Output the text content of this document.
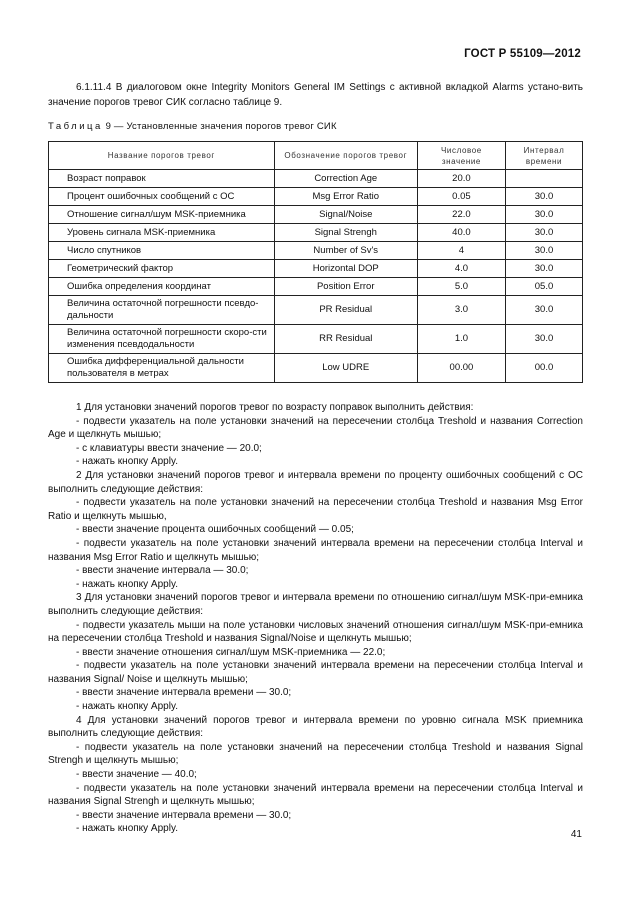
ГОСТ Р 55109—2012

6.1.11.4 В диалоговом окне Integrity Monitors General IM Settings с активной вкладкой Alarms устано-вить значение порогов тревог СИК согласно таблице 9.

Таблица 9 — Установленные значения порогов тревог СИК
Название порогов тревог	Обозначение порогов тревог	Числовое значение	Интервал времени
Возраст поправок	Correction Age	20.0	
Процент ошибочных сообщений с ОС	Msg Error Ratio	0.05	30.0
Отношение сигнал/шум MSK-приемника	Signal/Noise	22.0	30.0
Уровень сигнала MSK-приемника	Signal Strengh	40.0	30.0
Число спутников	Number of Sv's	4	30.0
Геометрический фактор	Horizontal DOP	4.0	30.0
Ошибка определения координат	Position Error	5.0	05.0
Величина остаточной погрешности псевдо-дальности	PR Residual	3.0	30.0
Величина остаточной погрешности скоро-сти изменения псевдодальности	RR Residual	1.0	30.0
Ошибка дифференциальной дальности пользователя в метрах	Low UDRE	00.00	00.0

1 Для установки значений порогов тревог по возрасту поправок выполнить действия:

- подвести указатель на поле установки значений на пересечении столбца Treshold и названия Correction Age и щелкнуть мышью;

- с клавиатуры ввести значение — 20.0;

- нажать кнопку Apply.

2 Для установки значений порогов тревог и интервала времени по проценту ошибочных сообщений с ОС выполнить следующие действия:

- подвести указатель на поле установки значений на пересечении столбца Treshold и названия Msg Error Ratio и щелкнуть мышью,

- ввести значение процента ошибочных сообщений — 0.05;

- подвести указатель на поле установки значений интервала времени на пересечении столбца Interval и названия Msg Error Ratio и щелкнуть мышью;

- ввести значение интервала — 30.0;

- нажать кнопку Apply.

3 Для установки значений порогов тревог и интервала времени по отношению сигнал/шум MSK-при-емника выполнить следующие действия:

- подвести указатель мыши на поле установки числовых значений отношения сигнал/шум MSK-при-емника на пересечении столбца Treshold и названия Signal/Noise и щелкнуть мышью;

- ввести значение отношения сигнал/шум MSK-приемника — 22.0;

- подвести указатель на поле установки значений интервала времени на пересечении столбца Interval и названия Signal/ Noise и щелкнуть мышью;

- ввести значение интервала времени — 30.0;

- нажать кнопку Apply.

4 Для установки значений порогов тревог и интервала времени по уровню сигнала MSK приемника выполнить следующие действия:

- подвести указатель на поле установки значений на пересечении столбца Treshold и названия Signal Strengh и щелкнуть мышью;

- ввести значение — 40.0;

- подвести указатель на поле установки значений интервала времени на пересечении столбца Interval и названия Signal Strengh и щелкнуть мышью;

- ввести значение интервала времени — 30.0;

- нажать кнопку Apply.

41
